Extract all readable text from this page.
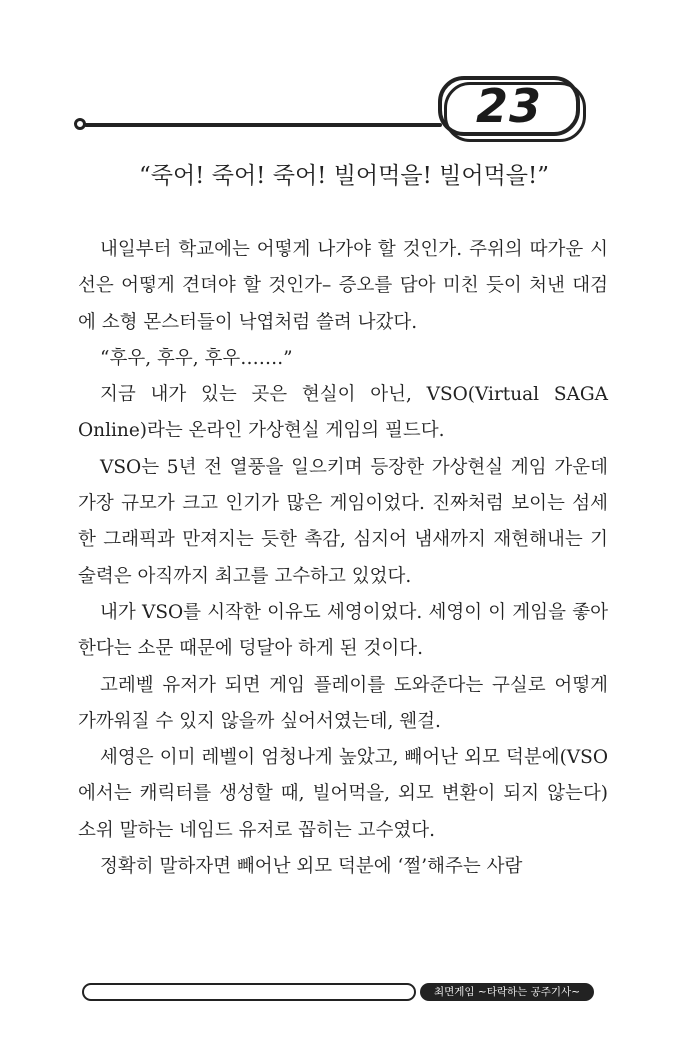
23
“죽어! 죽어! 죽어! 빌어먹을! 빌어먹을!”

내일부터 학교에는 어떻게 나가야 할 것인가. 주위의 따가운 시선은 어떻게 견뎌야 할 것인가– 증오를 담아 미친 듯이 처낸 대검에 소형 몬스터들이 낙엽처럼 쓸려 나갔다.

“후우, 후우, 후우…….”

지금 내가 있는 곳은 현실이 아닌, VSO(Virtual SAGA Online)라는 온라인 가상현실 게임의 필드다.

VSO는 5년 전 열풍을 일으키며 등장한 가상현실 게임 가운데 가장 규모가 크고 인기가 많은 게임이었다. 진짜처럼 보이는 섬세한 그래픽과 만져지는 듯한 촉감, 심지어 냄새까지 재현해내는 기술력은 아직까지 최고를 고수하고 있었다.

내가 VSO를 시작한 이유도 세영이었다. 세영이 이 게임을 좋아한다는 소문 때문에 덩달아 하게 된 것이다.

고레벨 유저가 되면 게임 플레이를 도와준다는 구실로 어떻게 가까워질 수 있지 않을까 싶어서였는데, 웬걸.

세영은 이미 레벨이 엄청나게 높았고, 빼어난 외모 덕분에(VSO에서는 캐릭터를 생성할 때, 빌어먹을, 외모 변환이 되지 않는다) 소위 말하는 네임드 유저로 꼽히는 고수였다.

정확히 말하자면 빼어난 외모 덕분에 ‘쩔’해주는 사람

최면게임 ~타락하는 공주기사~
